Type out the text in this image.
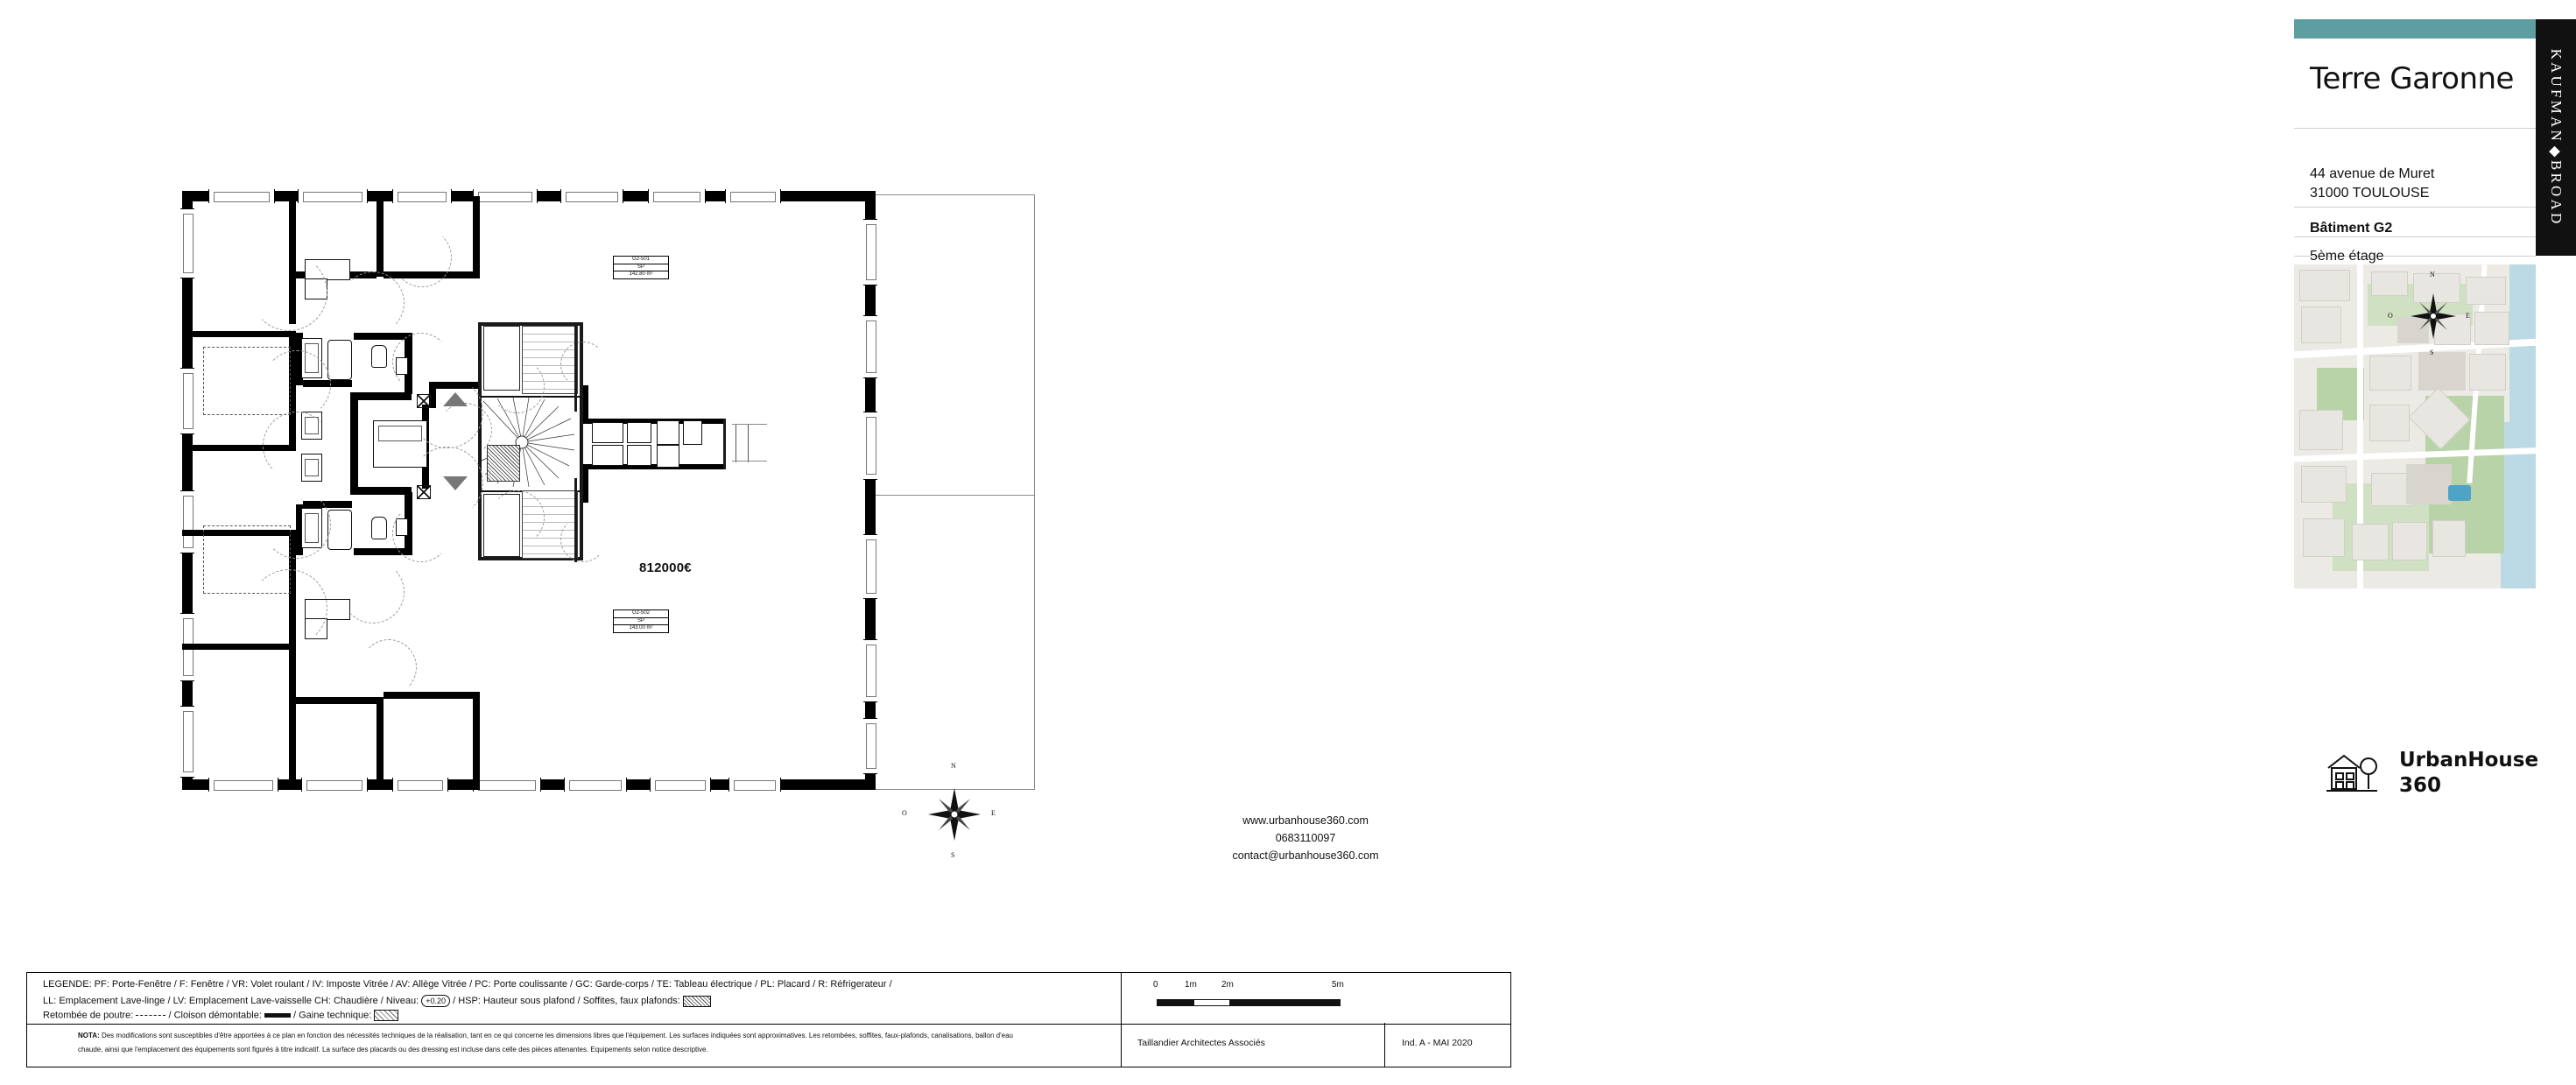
G2-501
SP
142.80 m²
G2-502
SP
143.00 m²
812000€
N
S
E
O
KAUFMANBROAD
Terre Garonne
44 avenue de Muret
31000 TOULOUSE
Bâtiment G2
5ème étage
N
S
E
O
UrbanHouse
360
www.urbanhouse360.com
0683110097
contact@urbanhouse360.com
LEGENDE: PF: Porte-Fenêtre / F: Fenêtre / VR: Volet roulant / IV: Imposte Vitrée / AV: Allège Vitrée / PC: Porte coulissante / GC: Garde-corps / TE: Tableau électrique / PL: Placard / R: Réfrigerateur /
LL: Emplacement Lave-linge / LV: Emplacement Lave-vaisselle CH: Chaudière / Niveau: +0.20 / HSP: Hauteur sous plafond / Soffites, faux plafonds:
Retombée de poutre:	/ Cloison démontable:	/ Gaine technique:
NOTA: Des modifications sont susceptibles d'être apportées à ce plan en fonction des nécessités techniques de la réalisation, tant en ce qui concerne les dimensions libres que l'équipement. Les surfaces indiquées sont approximatives. Les retombées, soffites, faux-plafonds, canalisations, ballon d'eau
chaude, ainsi que l'emplacement des équipements sont figurés à titre indicatif. La surface des placards ou des dressing est incluse dans celle des pièces attenantes. Equipements selon notice descriptive.
0	1m	2m	5m
Taillandier Architectes Associés	Ind. A - MAI 2020
